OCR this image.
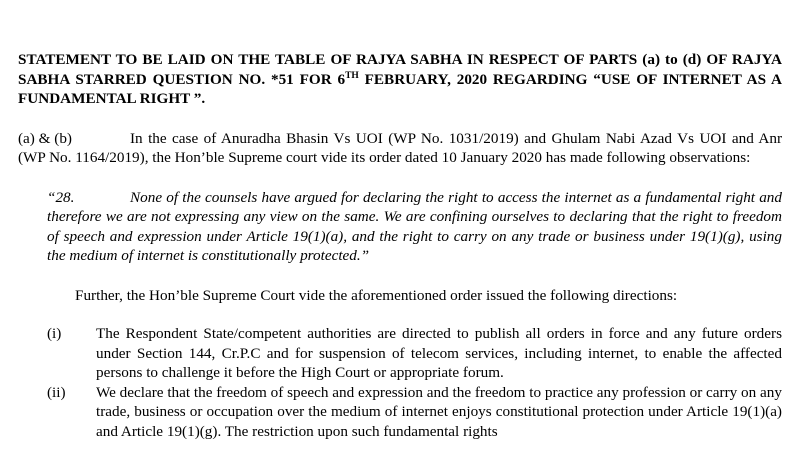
STATEMENT TO BE LAID ON THE TABLE OF RAJYA SABHA IN RESPECT OF PARTS (a) to (d) OF RAJYA SABHA STARRED QUESTION NO. *51 FOR 6TH FEBRUARY, 2020 REGARDING “USE OF INTERNET AS A FUNDAMENTAL RIGHT ”.

(a) & (b)	In the case of Anuradha Bhasin Vs UOI (WP No. 1031/2019) and Ghulam Nabi Azad Vs UOI and Anr (WP No. 1164/2019), the Hon’ble Supreme court vide its order dated 10 January 2020 has made following observations:

“28.	None of the counsels have argued for declaring the right to access the internet as a fundamental right and therefore we are not expressing any view on the same. We are confining ourselves to declaring that the right to freedom of speech and expression under Article 19(1)(a), and the right to carry on any trade or business under 19(1)(g), using the medium of internet is constitutionally protected.”

Further, the Hon’ble Supreme Court vide the aforementioned order issued the following directions:

(i) The Respondent State/competent authorities are directed to publish all orders in force and any future orders under Section 144, Cr.P.C and for suspension of telecom services, including internet, to enable the affected persons to challenge it before the High Court or appropriate forum.
(ii) We declare that the freedom of speech and expression and the freedom to practice any profession or carry on any trade, business or occupation over the medium of internet enjoys constitutional protection under Article 19(1)(a) and Article 19(1)(g). The restriction upon such fundamental rights
